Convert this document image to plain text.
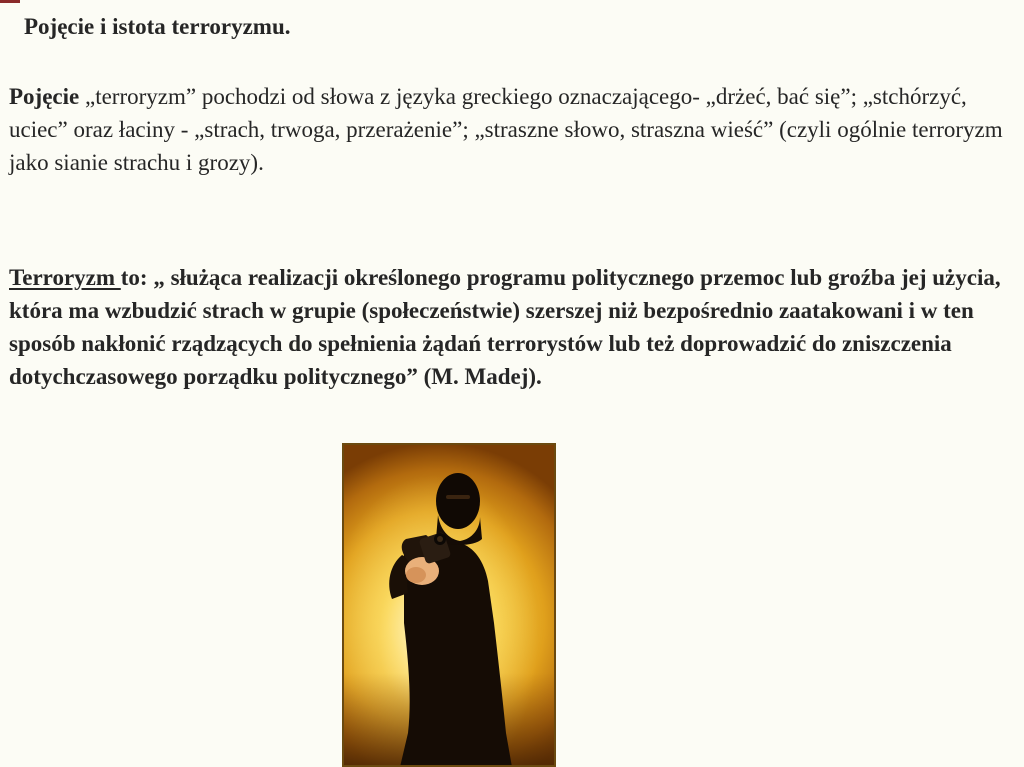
Pojęcie i istota terroryzmu.

Pojęcie „terroryzm” pochodzi od słowa z języka greckiego oznaczającego- „drżeć, bać się”; „stchórzyć, uciec” oraz łaciny - „strach, trwoga, przerażenie”; „straszne słowo, straszna wieść” (czyli ogólnie terroryzm jako sianie strachu i grozy).

Terroryzm to: „ służąca realizacji określonego programu politycznego przemoc lub groźba jej użycia, która ma wzbudzić strach w grupie (społeczeństwie) szerszej niż bezpośrednio zaatakowani i w ten sposób nakłonić rządzących do spełnienia żądań terrorystów lub też doprowadzić do zniszczenia dotychczasowego porządku politycznego” (M. Madej).
